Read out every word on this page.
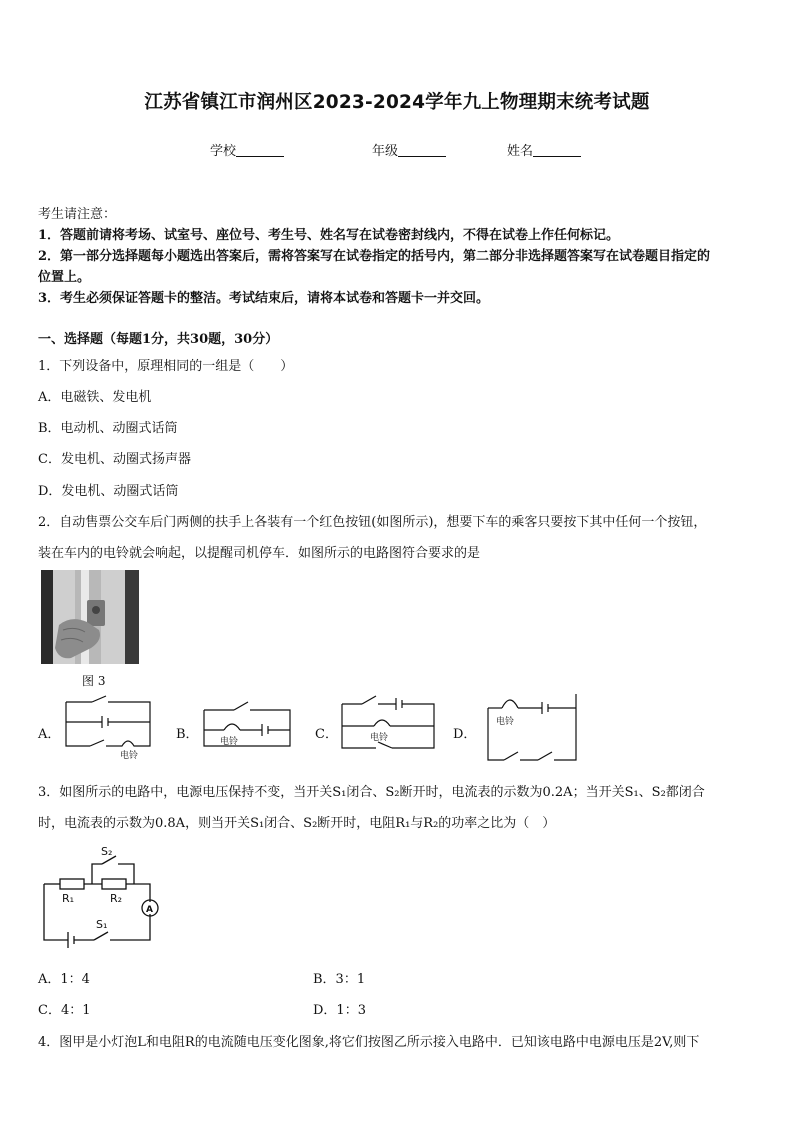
江苏省镇江市润州区2023-2024学年九上物理期末统考试题
学校	年级	姓名
考生请注意：
1．答题前请将考场、试室号、座位号、考生号、姓名写在试卷密封线内，不得在试卷上作任何标记。
2．第一部分选择题每小题选出答案后，需将答案写在试卷指定的括号内，第二部分非选择题答案写在试卷题目指定的
位置上。
3．考生必须保证答题卡的整洁。考试结束后，请将本试卷和答题卡一并交回。
一、选择题（每题1分，共30题，30分）
1．下列设备中，原理相同的一组是（　　）
A．电磁铁、发电机
B．电动机、动圈式话筒
C．发电机、动圈式扬声器
D．发电机、动圈式话筒
2．自动售票公交车后门两侧的扶手上各装有一个红色按钮(如图所示)，想要下车的乘客只要按下其中任何一个按钮，
装在车内的电铃就会响起，以提醒司机停车．如图所示的电路图符合要求的是
图 3
A．
电铃
B． 电铃	C．	电铃	D．
电铃
3．如图所示的电路中，电源电压保持不变，当开关S₁闭合、S₂断开时，电流表的示数为0.2A；当开关S₁、S₂都闭合
时，电流表的示数为0.8A，则当开关S₁闭合、S₂断开时，电阻R₁与R₂的功率之比为（　）
S₂
S₁
R₁	R₂
A
A．1：4	B．3：1
C．4：1	D．1：3
4．图甲是小灯泡L和电阻R的电流随电压变化图象,将它们按图乙所示接入电路中．已知该电路中电源电压是2V,则下
